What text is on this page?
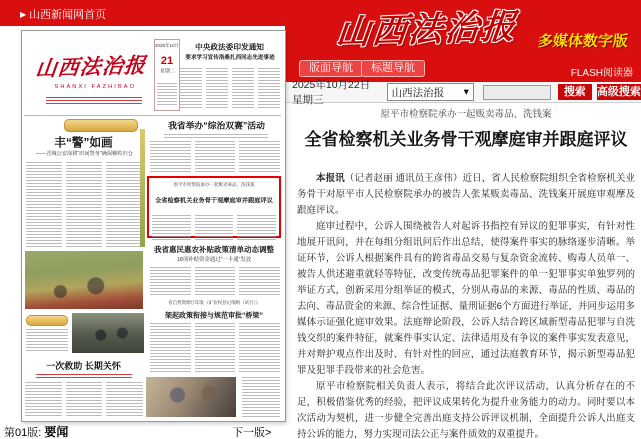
▶ 山西新闻网首页	山西法治报 多媒体数字版
版面导航	标题导航	FLASH阅读器
2025年10月22日 星期三
山西法治报 ▾	搜索	高级搜索
山西法治报
SHANXI FAZHIBAO
2025年10月
21
星期二
中央政法委印发通知
要求学习宣传洛桑扎西同志先进事迹
丰“警”如画
——晋城公安深耕“田间警务”确保颗粒归仓
一次救助 长期关怀
我省举办“综治双赛”活动
原平市检察院承办一起贩卖毒品、洗钱案
全省检察机关业务骨干观摩庭审并跟庭评议
我省惠民惠农补贴政策清单动态调整
18项补贴资金通过“一卡通”发放
省自然资源厅印发《矿业权登记细则（试行）》
架起政策衔接与规范审批“桥梁”
第01版: 要闻	下一版>
原平市检察院承办一起贩卖毒品、洗钱案
全省检察机关业务骨干观摩庭审并跟庭评议

本报讯（记者赵丽 通讯员王彦伟）近日，省人民检察院组织全省检察机关业务骨干对原平市人民检察院承办的被告人张某贩卖毒品、洗钱案开展庭审观摩及跟庭评议。

庭审过程中，公诉人围绕被告人对起诉书指控有异议的犯罪事实，有针对性地展开讯问，并在每组分组讯问后作出总结，使得案件事实的脉络逐步清晰。举证环节，公诉人根据案件具有的跨省毒品交易与复杂资金流转、购毒人员单一、被告人供述避重就轻等特征，改变传统毒品犯罪案件的单一犯罪事实单独罗列的举证方式，创新采用分组举证的模式，分别从毒品的来源、毒品的性质、毒品的去向、毒品资金的来源、综合性证据、量刑证据6个方面进行举证，并同步运用多媒体示证强化庭审效果。法庭辩论阶段，公诉人结合跨区域新型毒品犯罪与自洗钱交织的案件特征，就案件事实认定、法律适用及有争议的案件事实发表意见，并对辩护观点作出及时、有针对性的回应，通过法庭教育环节，揭示新型毒品犯罪及犯罪手段带来的社会危害。

原平市检察院相关负责人表示，将结合此次评议活动，认真分析存在的不足，积极借鉴优秀的经验，把评议成果转化为提升业务能力的动力。同时要以本次活动为契机，进一步健全完善出庭支持公诉评议机制，全面提升公诉人出庭支持公诉的能力，努力实现司法公正与案件质效的双重提升。
